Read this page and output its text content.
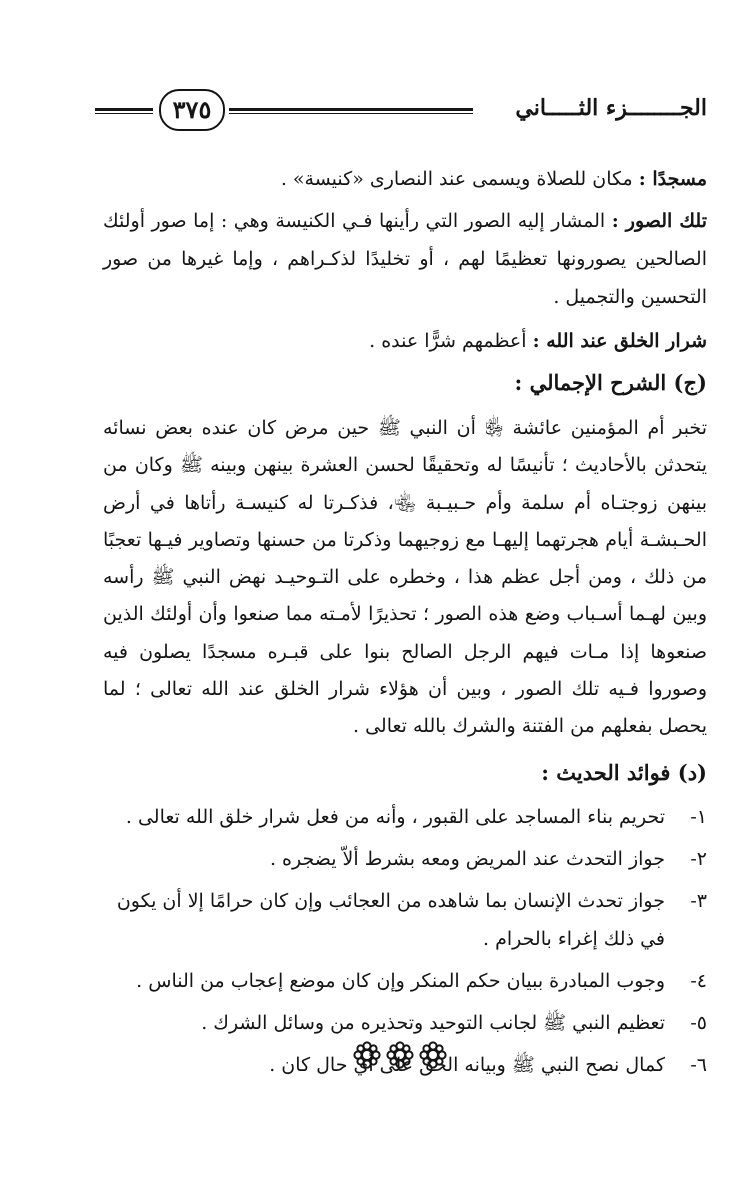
٣٧٥	الجــــــــزء الثـــــاني

مسجدًا : مكان للصلاة ويسمى عند النصارى «كنيسة» .

تلك الصور : المشار إليه الصور التي رأينها فـي الكنيسة وهي : إما صور أولئك الصالحين يصورونها تعظيمًا لهم ، أو تخليدًا لذكـراهم ، وإما غيرها من صور التحسين والتجميل .

شرار الخلق عند الله : أعظمهم شرًّا عنده .

(ج) الشرح الإجمالي :

تخبر أم المؤمنين عائشة ﵂ أن النبي ﷺ حين مرض كان عنده بعض نسائه يتحدثن بالأحاديث ؛ تأنيسًا له وتحقيقًا لحسن العشرة بينهن وبينه ﷺ وكان من بينهن زوجتـاه أم سلمة وأم حـبيـبة ﵄، فذكـرتا له كنيسـة رأتاها في أرض الحـبشـة أيام هجرتهما إليهـا مع زوجيهما وذكرتا من حسنها وتصاوير فيـها تعجبًا من ذلك ، ومن أجل عظم هذا ، وخطره على التـوحيـد نهض النبي ﷺ رأسه وبين لهـما أسـباب وضع هذه الصور ؛ تحذيرًا لأمـته مما صنعوا وأن أولئك الذين صنعوها إذا مـات فيهم الرجل الصالح بنوا على قبـره مسجدًا يصلون فيه وصوروا فـيه تلك الصور ، وبين أن هؤلاء شرار الخلق عند الله تعالى ؛ لما يحصل بفعلهم من الفتنة والشرك بالله تعالى .

(د) فوائد الحديث :

١-
تحريم بناء المساجد على القبور ، وأنه من فعل شرار خلق الله تعالى .
٢-
جواز التحدث عند المريض ومعه بشرط ألاّ يضجره .
٣-
جواز تحدث الإنسان بما شاهده من العجائب وإن كان حرامًا إلا أن يكون في ذلك إغراء بالحرام .
٤-
وجوب المبادرة ببيان حكم المنكر وإن كان موضع إعجاب من الناس .
٥-
تعظيم النبي ﷺ لجانب التوحيد وتحذيره من وسائل الشرك .
٦-
كمال نصح النبي ﷺ وبيانه الحق على أي حال كان .
